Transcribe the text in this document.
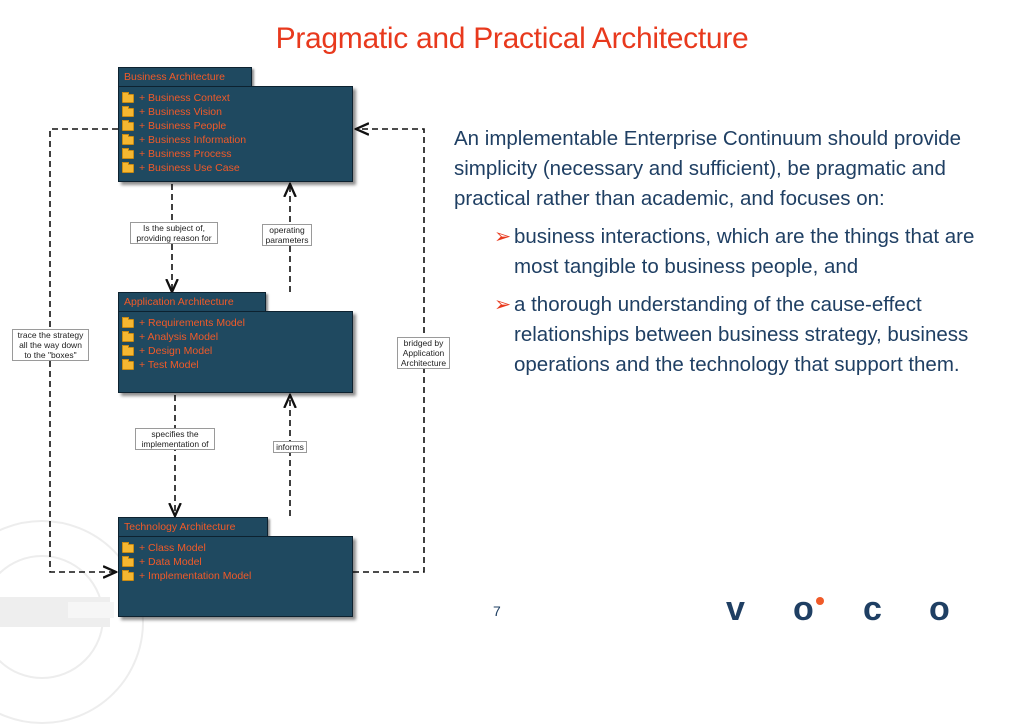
Pragmatic and Practical Architecture
Business Architecture
+ Business Context
+ Business Vision
+ Business People
+ Business Information
+ Business Process
+ Business Use Case
Application Architecture
+ Requirements Model
+ Analysis Model
+ Design Model
+ Test Model
Technology Architecture
+ Class Model
+ Data Model
+ Implementation Model
Is the subject of,
providing reason for
operating
parameters
specifies the
implementation of	informs
trace the strategy
all the way down
to the "boxes"
bridged by
Application
Architecture

An implementable Enterprise Continuum should provide simplicity (necessary and sufficient), be pragmatic and practical rather than academic, and focuses on:

➢ business interactions, which are the things that are most tangible to business people, and

➢ a thorough understanding of the cause-effect relationships between business strategy, business operations and the technology that support them.

7	v o c o
